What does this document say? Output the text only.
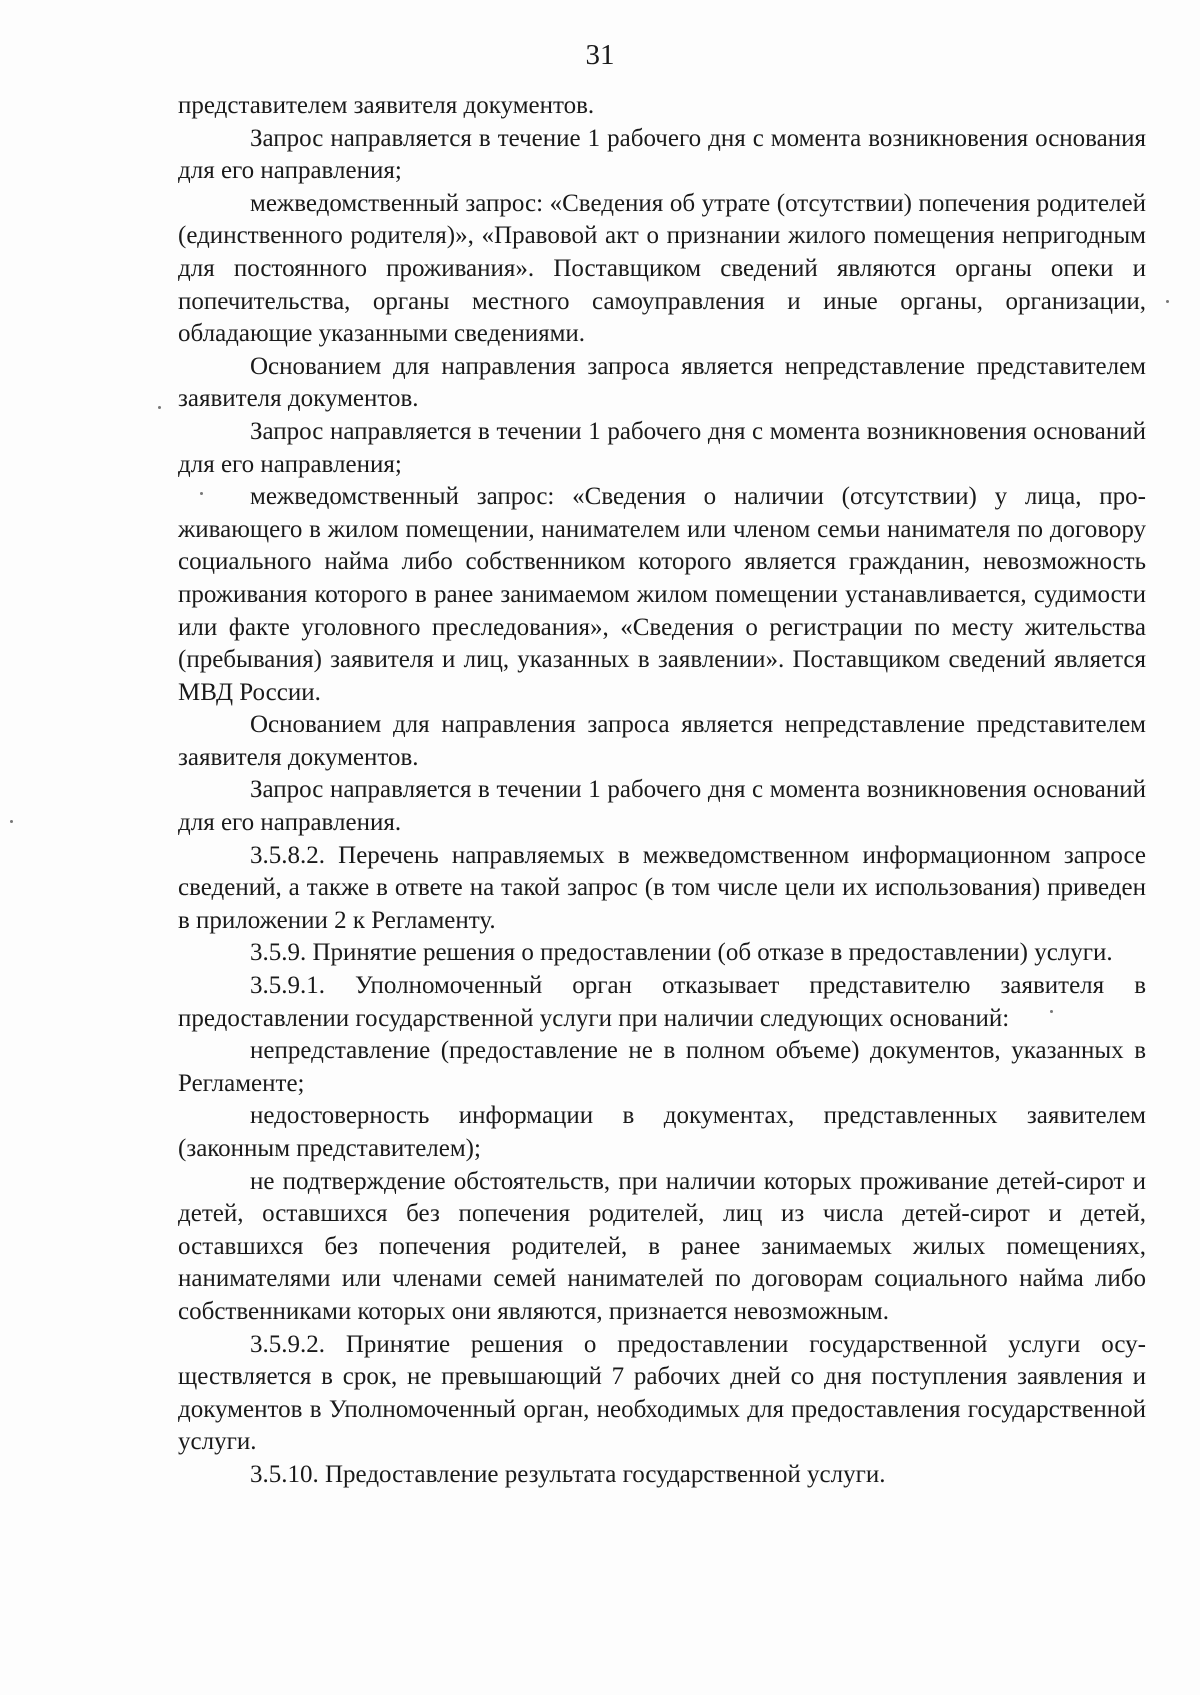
31

представителем заявителя документов.

Запрос направляется в течение 1 рабочего дня с момента возникновения основания для его направления;

межведомственный запрос: «Сведения об утрате (отсутствии) попечения родителей (единственного родителя)», «Правовой акт о признании жилого помещения непригодным для постоянного проживания». Поставщиком сведений являются органы опеки и попечительства, органы местного самоуправления и иные органы, организации, обладающие указанными сведениями.

Основанием для направления запроса является непредставление представителем заявителя документов.

Запрос направляется в течении 1 рабочего дня с момента возникновения оснований для его направления;

межведомственный запрос: «Сведения о наличии (отсутствии) у лица, проживающего в жилом помещении, нанимателем или членом семьи нанимателя по договору социального найма либо собственником которого является гражданин, невозможность проживания которого в ранее занимаемом жилом помещении устанавливается, судимости или факте уголовного преследования», «Сведения о регистрации по месту жительства (пребывания) заявителя и лиц, указанных в заявлении». Поставщиком сведений является МВД России.

Основанием для направления запроса является непредставление представителем заявителя документов.

Запрос направляется в течении 1 рабочего дня с момента возникновения оснований для его направления.

3.5.8.2. Перечень направляемых в межведомственном информационном запросе сведений, а также в ответе на такой запрос (в том числе цели их использования) приведен в приложении 2 к Регламенту.

3.5.9. Принятие решения о предоставлении (об отказе в предоставлении) услуги.

3.5.9.1. Уполномоченный орган отказывает представителю заявителя в предоставлении государственной услуги при наличии следующих оснований:

непредставление (предоставление не в полном объеме) документов, указанных в Регламенте;

недостоверность информации в документах, представленных заявителем (законным представителем);

не подтверждение обстоятельств, при наличии которых проживание детей-сирот и детей, оставшихся без попечения родителей, лиц из числа детей-сирот и детей, оставшихся без попечения родителей, в ранее занимаемых жилых помещениях, нанимателями или членами семей нанимателей по договорам социального найма либо собственниками которых они являются, признается невозможным.

3.5.9.2. Принятие решения о предоставлении государственной услуги осуществляется в срок, не превышающий 7 рабочих дней со дня поступления заявления и документов в Уполномоченный орган, необходимых для предоставления государственной услуги.

3.5.10. Предоставление результата государственной услуги.
